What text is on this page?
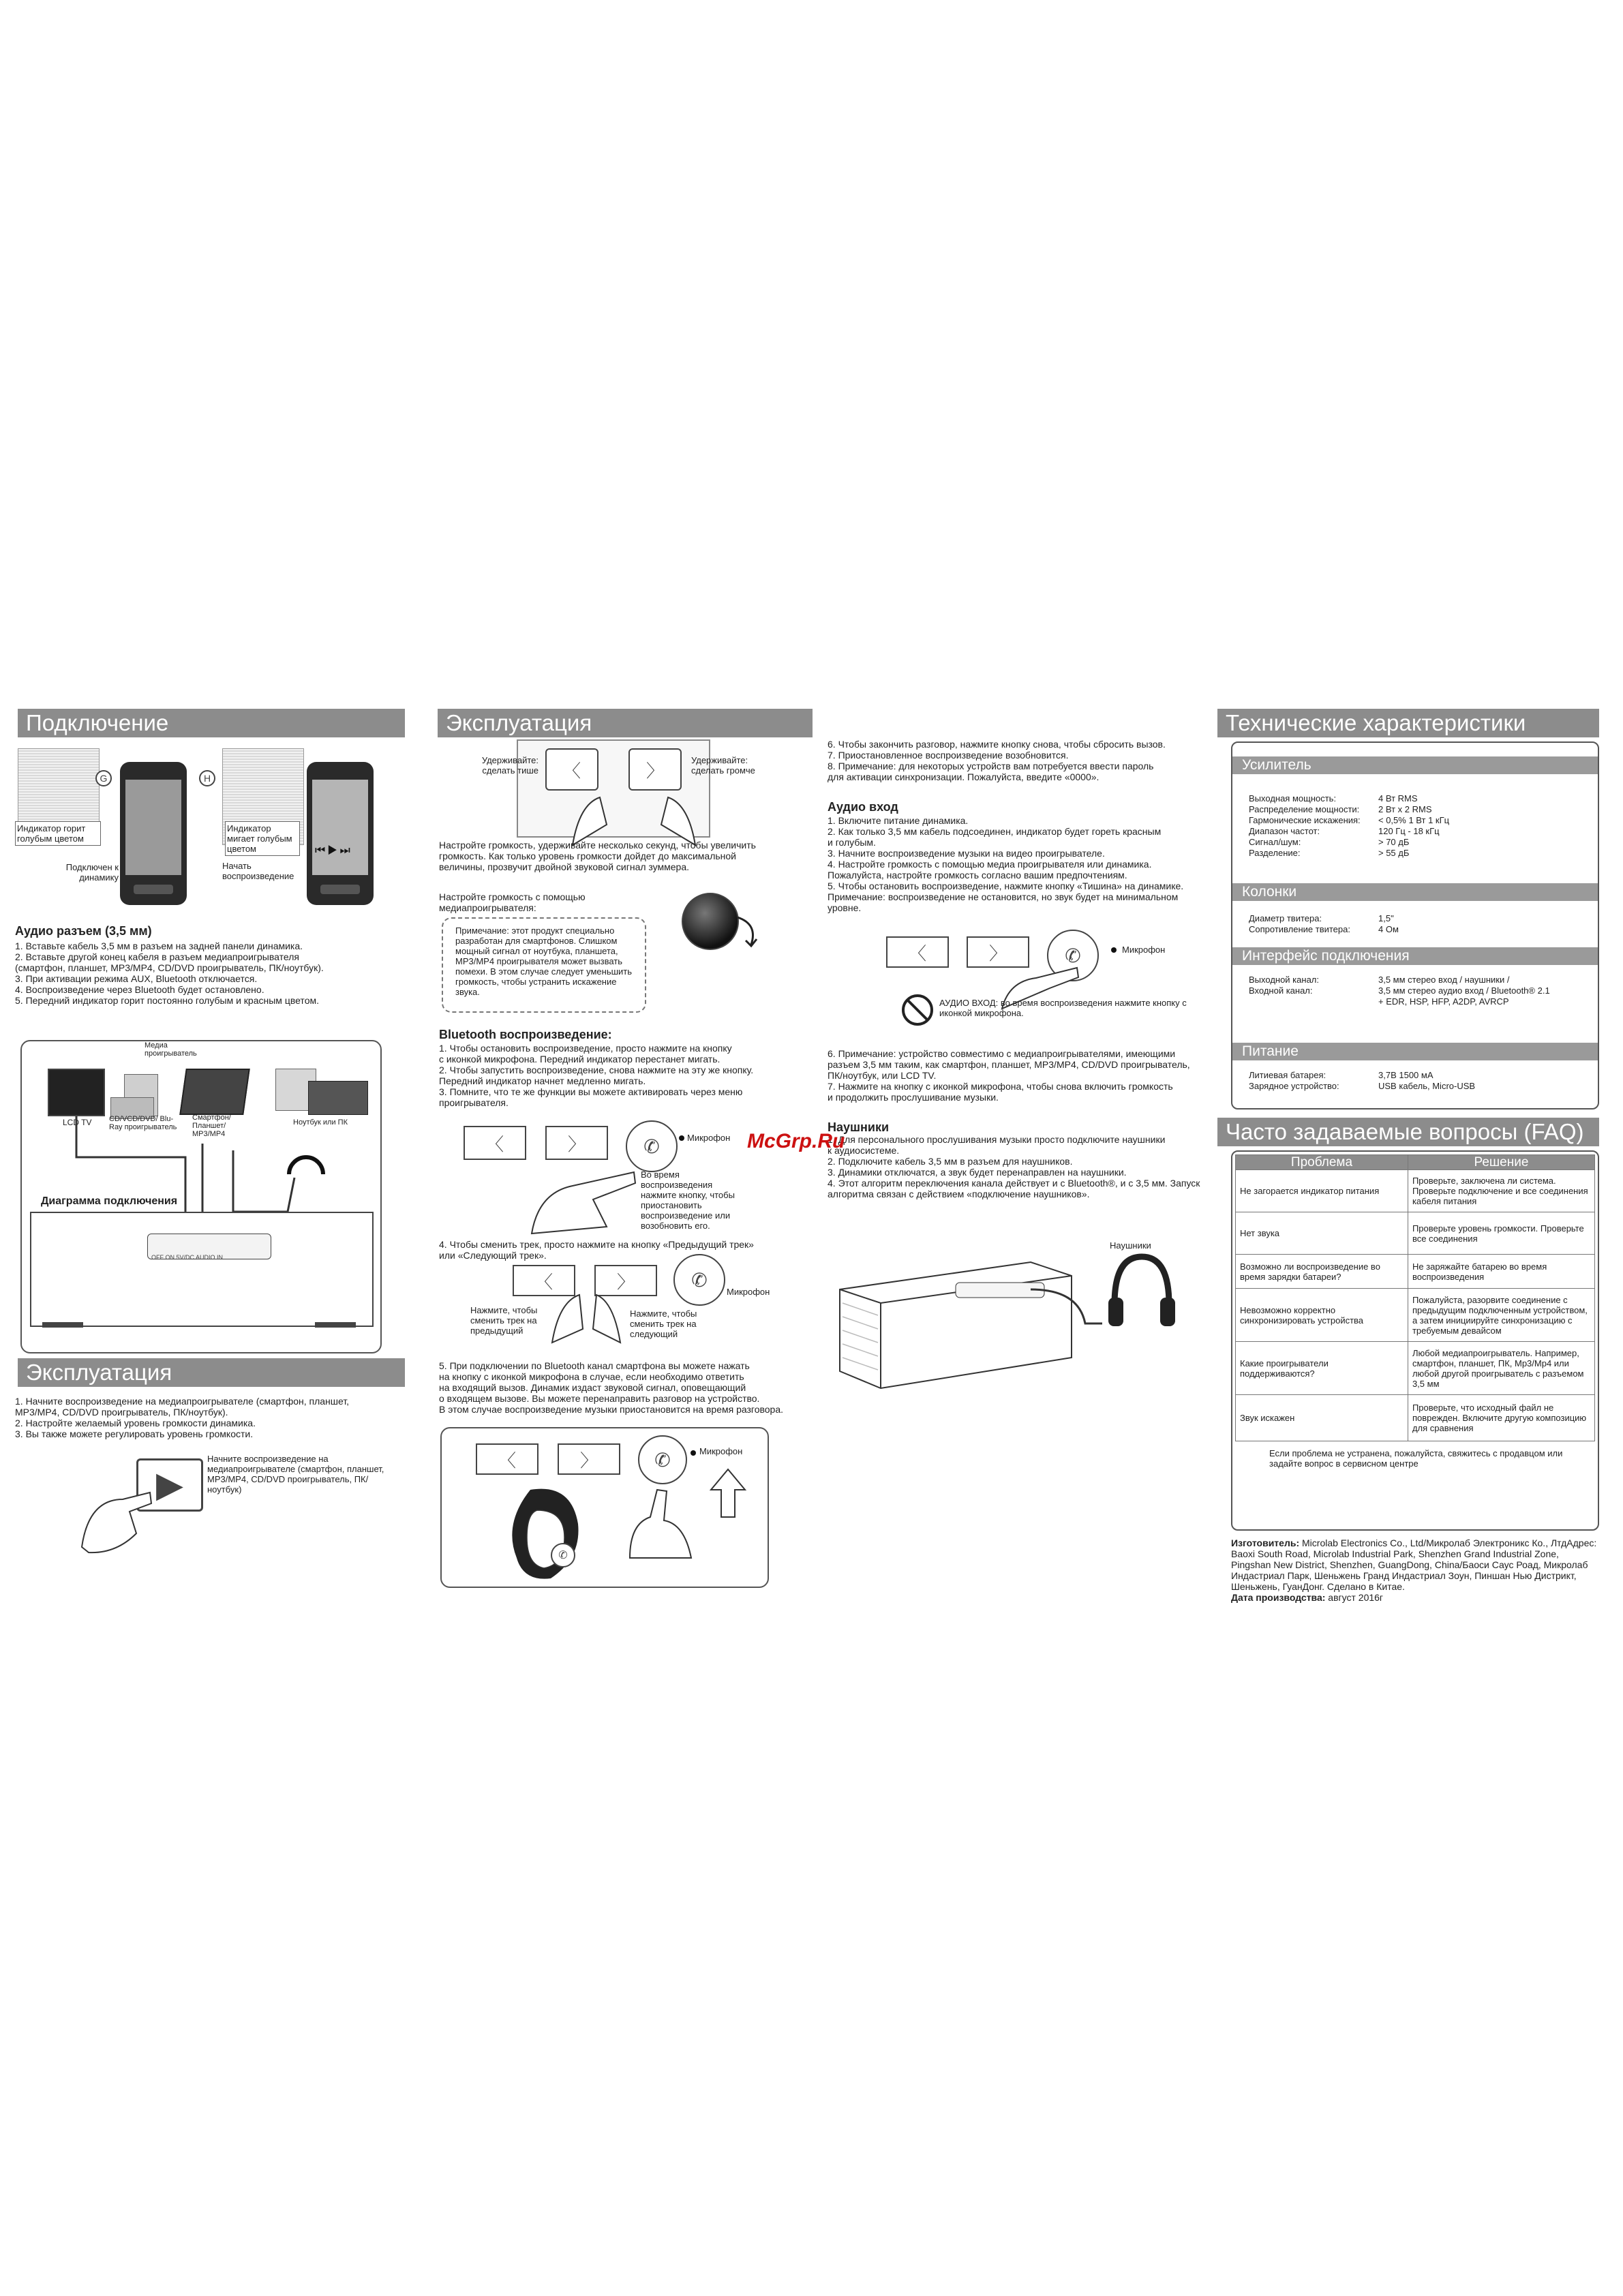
Подключение
Индикатор горит голубым цветом
G
Подключен к динамику
Индикатор мигает голубым цветом
H
⏮▶⏭
Начать воспроизведение
Аудио разъем (3,5 мм)

1. Вставьте кабель 3,5 мм в разъем на задней панели динамика.

2. Вставьте другой конец кабеля в разъем медиапроигрывателя

(смартфон, планшет, MP3/MP4, CD/DVD проигрыватель, ПК/ноутбук).

3. При активации режима AUX, Bluetooth отключается.

4. Воспроизведение через Bluetooth будет остановлено.

5. Передний индикатор горит постоянно голубым и красным цветом.

LCD TV
Медиа проигрыватель
CD/VCD/DVD/ Blu-Ray проигрыватель
Смартфон/Планшет/ MP3/MP4
Ноутбук или ПК
Диаграмма подключения
OFF ON 5V/DC AUDIO IN
Эксплуатация

1. Начните воспроизведение на медиапроигрывателе (смартфон, планшет,

MP3/MP4, CD/DVD проигрыватель, ПК/ноутбук).

2. Настройте желаемый уровень громкости динамика.

3. Вы также можете регулировать уровень громкости.

▶
Начните воспроизведение на медиапроигрывателе (смартфон, планшет, MP3/MP4, CD/DVD проигрыватель, ПК/ноутбук)
Эксплуатация
Удерживайте: сделать тише	〈	〉	Удерживайте: сделать громче

Настройте громкость, удерживайте несколько секунд, чтобы увеличить

громкость. Как только уровень громкости дойдет до максимальной

величины, прозвучит двойной звуковой сигнал зуммера.

Настройте громкость с помощью медиапроигрывателя:
Примечание: этот продукт специально разработан для смартфонов. Слишком мощный сигнал от ноутбука, планшета, MP3/MP4 проигрывателя может вызвать помехи. В этом случае следует уменьшить громкость, чтобы устранить искажение звука.
Bluetooth воспроизведение:

1. Чтобы остановить воспроизведение, просто нажмите на кнопку

с иконкой микрофона. Передний индикатор перестанет мигать.

2. Чтобы запустить воспроизведение, снова нажмите на эту же кнопку.

Передний индикатор начнет медленно мигать.

3. Помните, что те же функции вы можете активировать через меню

проигрывателя.

〈	〉	✆	Микрофон
Во время воспроизведения нажмите кнопку, чтобы приостановить воспроизведение или возобновить его.

4. Чтобы сменить трек, просто нажмите на кнопку «Предыдущий трек»

или «Следующий трек».

〈	〉	✆
Микрофон
Нажмите, чтобы сменить трек на предыдущий
Нажмите, чтобы сменить трек на следующий

5. При подключении по Bluetooth канал смартфона вы можете нажать

на кнопку с иконкой микрофона в случае, если необходимо ответить

на входящий вызов. Динамик издаст звуковой сигнал, оповещающий

о входящем вызове. Вы можете перенаправить разговор на устройство.

В этом случае воспроизведение музыки приостановится на время разговора.

〈	〉	✆	Микрофон
✆

6. Чтобы закончить разговор, нажмите кнопку снова, чтобы сбросить вызов.

7. Приостановленное воспроизведение возобновится.

8. Примечание: для некоторых устройств вам потребуется ввести пароль

для активации синхронизации. Пожалуйста, введите «0000».

Аудио вход

1. Включите питание динамика.

2. Как только 3,5 мм кабель подсоединен, индикатор будет гореть красным

и голубым.

3. Начните воспроизведение музыки на видео проигрывателе.

4. Настройте громкость с помощью медиа проигрывателя или динамика.

Пожалуйста, настройте громкость согласно вашим предпочтениям.

5. Чтобы остановить воспроизведение, нажмите кнопку «Тишина» на динамике.

Примечание: воспроизведение не остановится, но звук будет на минимальном

уровне.

〈	〉	✆	Микрофон
АУДИО ВХОД: во время воспроизведения нажмите кнопку с иконкой микрофона.

6. Примечание: устройство совместимо с медиапроигрывателями, имеющими

разъем 3,5 мм таким, как смартфон, планшет, MP3/MP4, CD/DVD проигрыватель,

ПК/ноутбук, или LCD TV.

7. Нажмите на кнопку с иконкой микрофона, чтобы снова включить громкость

и продолжить прослушивание музыки.

Наушники

1. Для персонального прослушивания музыки просто подключите наушники

к аудиосистеме.

2. Подключите кабель 3,5 мм в разъем для наушников.

3. Динамики отключатся, а звук будет перенаправлен на наушники.

4. Этот алгоритм переключения канала действует и с Bluetooth®, и с 3,5 мм. Запуск

алгоритма связан с действием «подключение наушников».

Наушники
Технические характеристики
Усилитель
Выходная мощность:	4 Вт RMS
Распределение мощности:	2 Вт x 2 RMS
Гармонические искажения:	< 0,5% 1 Вт 1 кГц
Диапазон частот:	120 Гц - 18 кГц
Сигнал/шум:	> 70 дБ
Разделение:	> 55 дБ
Колонки
Диаметр твитера:	1,5"
Сопротивление твитера:	4 Ом
Интерфейс подключения
Выходной канал:	3,5 мм стерео вход / наушники /
Входной канал:	3,5 мм стерео аудио вход / Bluetooth® 2.1
+ EDR, HSP, HFP, A2DP, AVRCP
Питание
Литиевая батарея:	3,7В 1500 мА
Зарядное устройство:	USB кабель, Micro-USB
Часто задаваемые вопросы (FAQ)
Проблема	Решение
Не загорается индикатор питания	Проверьте, заключена ли система. Проверьте подключение и все соединения кабеля питания
Нет звука	Проверьте уровень громкости. Проверьте все соединения
Возможно ли воспроизведение во время зарядки батареи?	Не заряжайте батарею во время воспроизведения
Невозможно корректно синхронизировать устройства	Пожалуйста, разорвите соединение с предыдущим подключенным устройством, а затем инициируйте синхронизацию с требуемым девайсом
Какие проигрыватели поддерживаются?	Любой медиапроигрыватель. Например, смартфон, планшет, ПК, Mp3/Mp4 или любой другой проигрыватель с разъемом 3,5 мм
Звук искажен	Проверьте, что исходный файл не поврежден. Включите другую композицию для сравнения
Если проблема не устранена, пожалуйста, свяжитесь с продавцом или задайте вопрос в сервисном центре
Изготовитель: Microlab Electronics Co., Ltd/Микролаб Электроникс Ко., ЛтдАдрес: Baoxi South Road, Microlab Industrial Park, Shenzhen Grand Industrial Zone, Pingshan New District, Shenzhen, GuangDong, China/Баоси Саус Роад, Микролаб Индастриал Парк, Шеньжень Гранд Индастриал Зоун, Пиншан Нью Дистрикт, Шеньжень, ГуанДонг. Сделано в Китае.
Дата производства: август 2016г
McGrp.Ru
